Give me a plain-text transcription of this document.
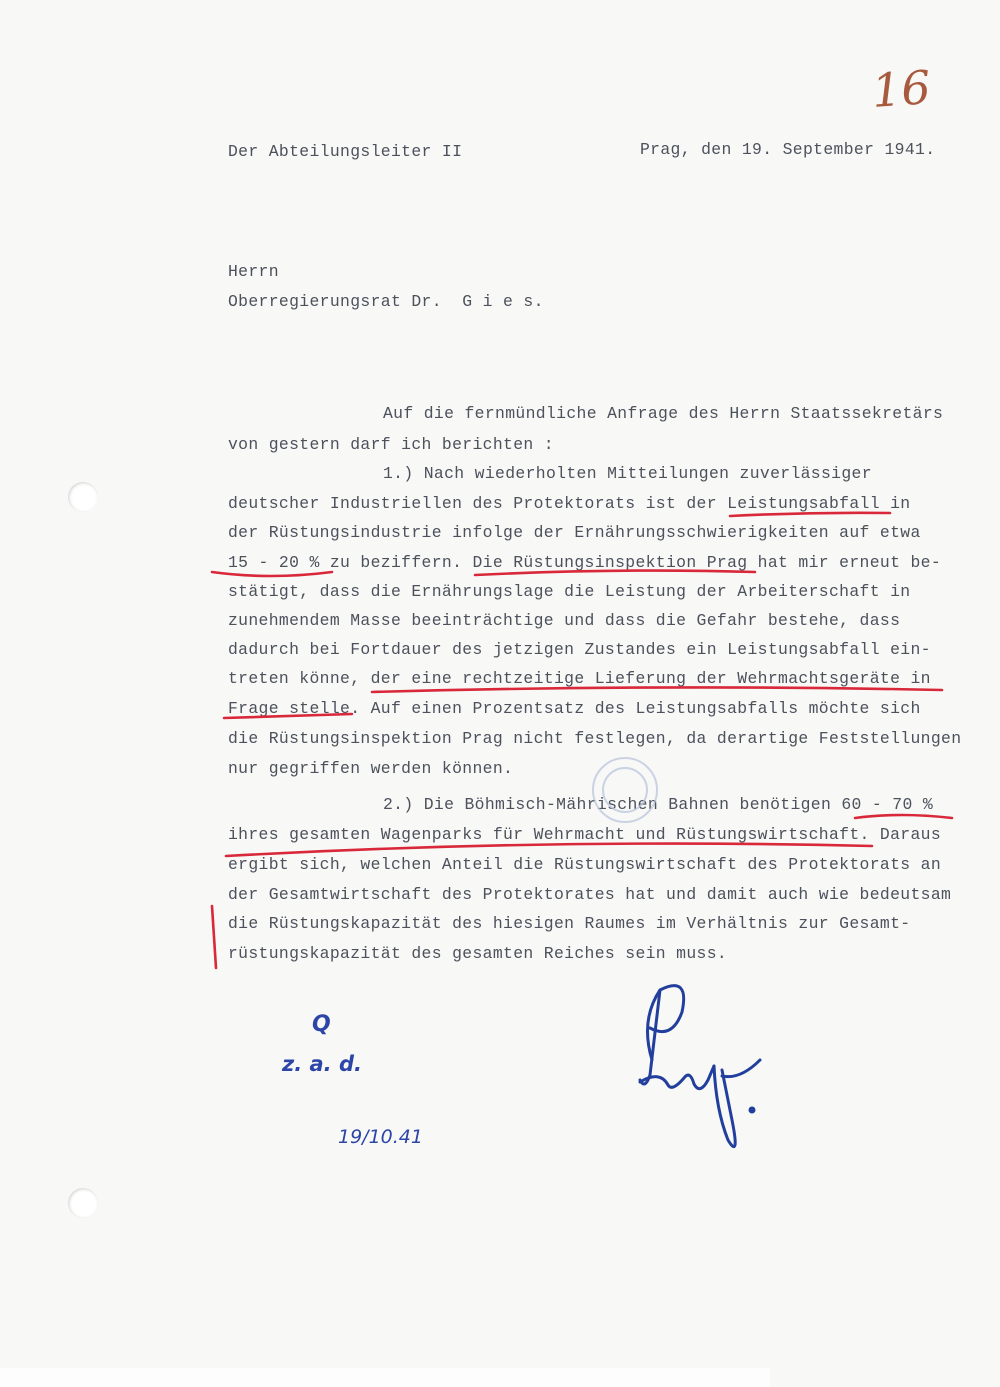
16
Der Abteilungsleiter II	Prag, den 19. September 1941.
Herrn
Oberregierungsrat Dr.  G i e s.
Auf die fernmündliche Anfrage des Herrn Staatssekretärs
von gestern darf ich berichten :
1.) Nach wiederholten Mitteilungen zuverlässiger
deutscher Industriellen des Protektorats ist der Leistungsabfall in
der Rüstungsindustrie infolge der Ernährungsschwierigkeiten auf etwa
15 - 20 % zu beziffern. Die Rüstungsinspektion Prag hat mir erneut be-
stätigt, dass die Ernährungslage die Leistung der Arbeiterschaft in
zunehmendem Masse beeinträchtige und dass die Gefahr bestehe, dass
dadurch bei Fortdauer des jetzigen Zustandes ein Leistungsabfall ein-
treten könne, der eine rechtzeitige Lieferung der Wehrmachtsgeräte in
Frage stelle. Auf einen Prozentsatz des Leistungsabfalls möchte sich
die Rüstungsinspektion Prag nicht festlegen, da derartige Feststellungen
nur gegriffen werden können.
2.) Die Böhmisch-Mährischen Bahnen benötigen 60 - 70 %
ihres gesamten Wagenparks für Wehrmacht und Rüstungswirtschaft. Daraus
ergibt sich, welchen Anteil die Rüstungswirtschaft des Protektorats an
der Gesamtwirtschaft des Protektorates hat und damit auch wie bedeutsam
die Rüstungskapazität des hiesigen Raumes im Verhältnis zur Gesamt-
rüstungskapazität des gesamten Reiches sein muss.
Q
z. a. d.
19/10.41
